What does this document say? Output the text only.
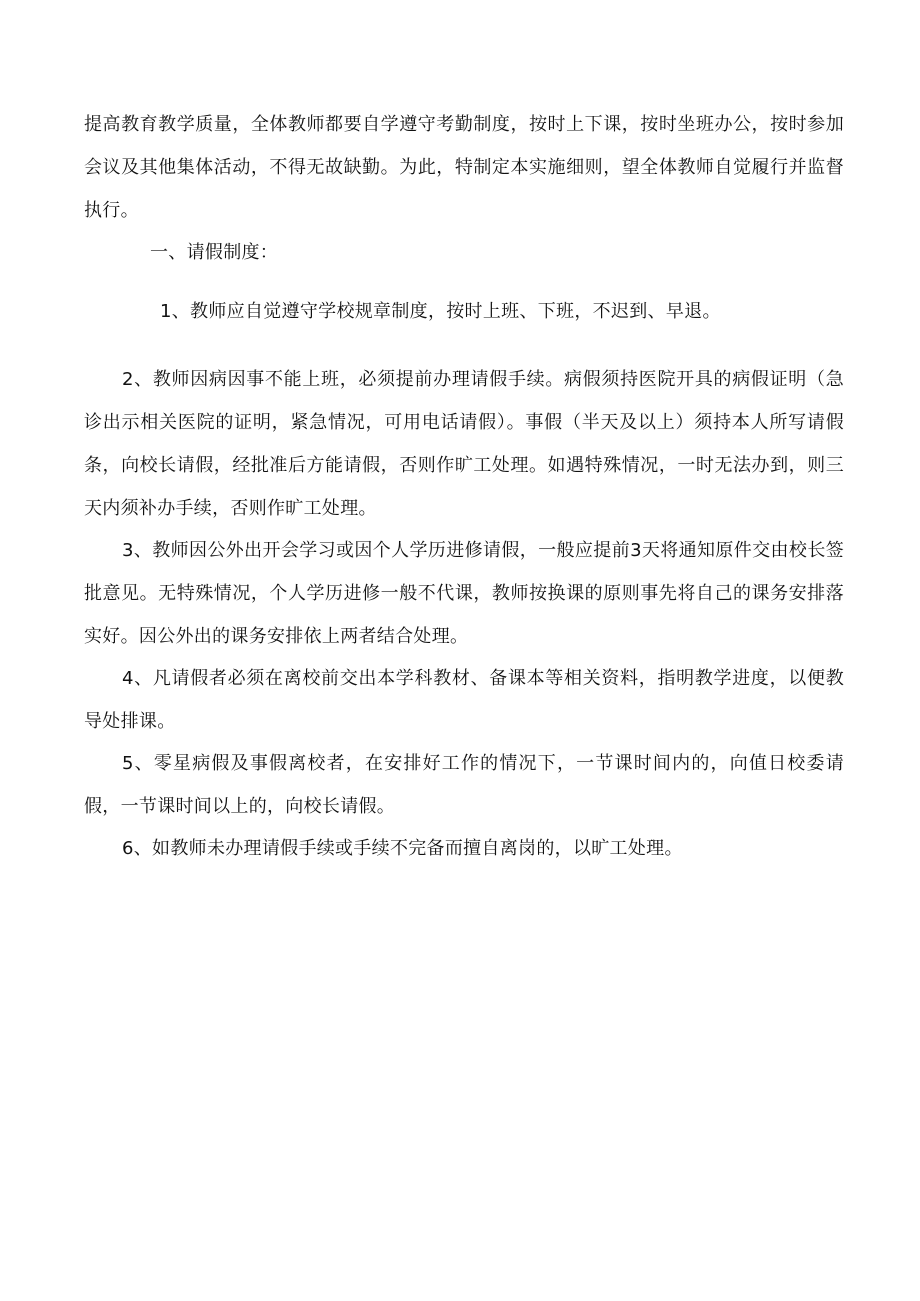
提高教育教学质量，全体教师都要自学遵守考勤制度，按时上下课，按时坐班办公，按时参加会议及其他集体活动，不得无故缺勤。为此，特制定本实施细则，望全体教师自觉履行并监督执行。

一、请假制度：

1、教师应自觉遵守学校规章制度，按时上班、下班，不迟到、早退。

2、教师因病因事不能上班，必须提前办理请假手续。病假须持医院开具的病假证明（急诊出示相关医院的证明，紧急情况，可用电话请假）。事假（半天及以上）须持本人所写请假条，向校长请假，经批准后方能请假，否则作旷工处理。如遇特殊情况，一时无法办到，则三天内须补办手续，否则作旷工处理。

3、教师因公外出开会学习或因个人学历进修请假，一般应提前3天将通知原件交由校长签批意见。无特殊情况，个人学历进修一般不代课，教师按换课的原则事先将自己的课务安排落实好。因公外出的课务安排依上两者结合处理。

4、凡请假者必须在离校前交出本学科教材、备课本等相关资料，指明教学进度，以便教导处排课。

5、零星病假及事假离校者，在安排好工作的情况下，一节课时间内的，向值日校委请假，一节课时间以上的，向校长请假。

6、如教师未办理请假手续或手续不完备而擅自离岗的，以旷工处理。
